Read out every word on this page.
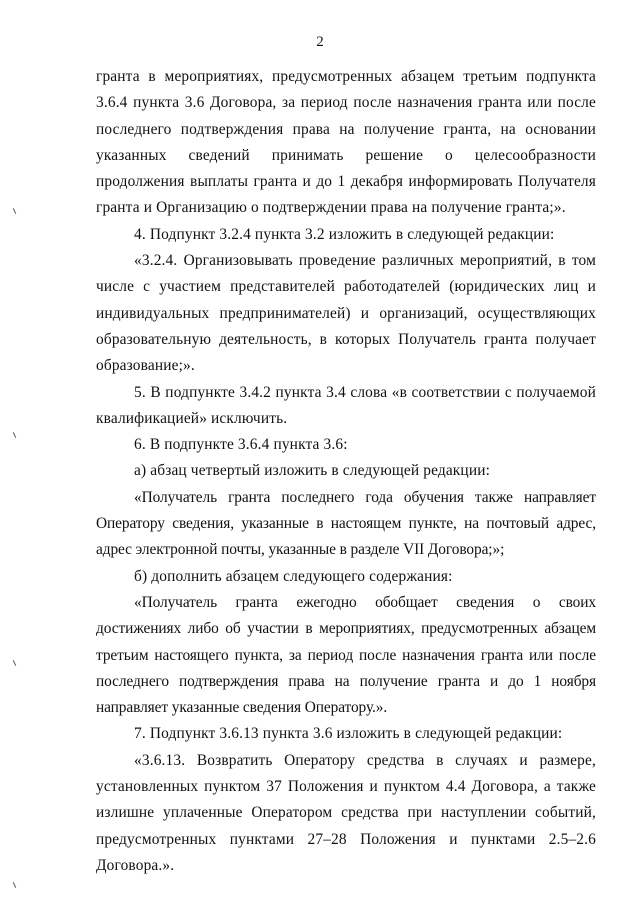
2

гранта в мероприятиях, предусмотренных абзацем третьим подпункта 3.6.4 пункта 3.6 Договора, за период после назначения гранта или после последнего подтверждения права на получение гранта, на основании указанных сведений принимать решение о целесообразности продолжения выплаты гранта и до 1 декабря информировать Получателя гранта и Организацию о подтверждении права на получение гранта;».

4. Подпункт 3.2.4 пункта 3.2 изложить в следующей редакции:

«3.2.4. Организовывать проведение различных мероприятий, в том числе с участием представителей работодателей (юридических лиц и индивидуальных предпринимателей) и организаций, осуществляющих образовательную деятельность, в которых Получатель гранта получает образование;».

5. В подпункте 3.4.2 пункта 3.4 слова «в соответствии с получаемой квалификацией» исключить.

6. В подпункте 3.6.4 пункта 3.6:

а) абзац четвертый изложить в следующей редакции:

«Получатель гранта последнего года обучения также направляет Оператору сведения, указанные в настоящем пункте, на почтовый адрес, адрес электронной почты, указанные в разделе VII Договора;»;

б) дополнить абзацем следующего содержания:

«Получатель гранта ежегодно обобщает сведения о своих достижениях либо об участии в мероприятиях, предусмотренных абзацем третьим настоящего пункта, за период после назначения гранта или после последнего подтверждения права на получение гранта и до 1 ноября направляет указанные сведения Оператору.».

7. Подпункт 3.6.13 пункта 3.6 изложить в следующей редакции:

«3.6.13. Возвратить Оператору средства в случаях и размере, установленных пунктом 37 Положения и пунктом 4.4 Договора, а также излишне уплаченные Оператором средства при наступлении событий, предусмотренных пунктами 27–28 Положения и пунктами 2.5–2.6 Договора.».
